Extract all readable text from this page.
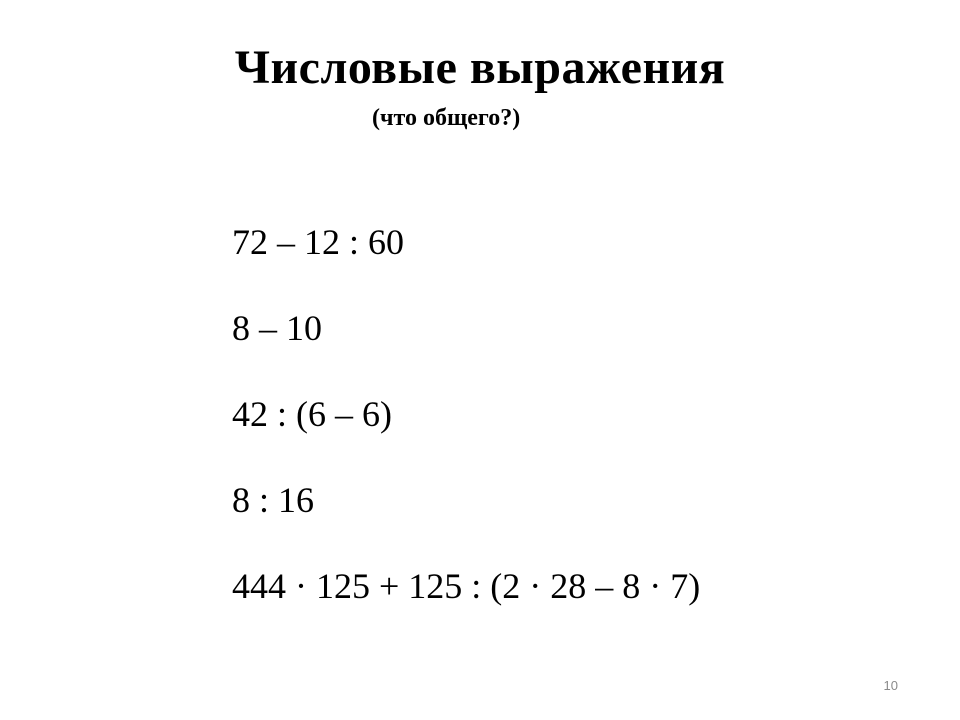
Числовые выражения
(что общего?)
72 – 12 : 60
8 – 10
42 : (6 – 6)
8 : 16
444 · 125 + 125 : (2 · 28 – 8 · 7)
10
